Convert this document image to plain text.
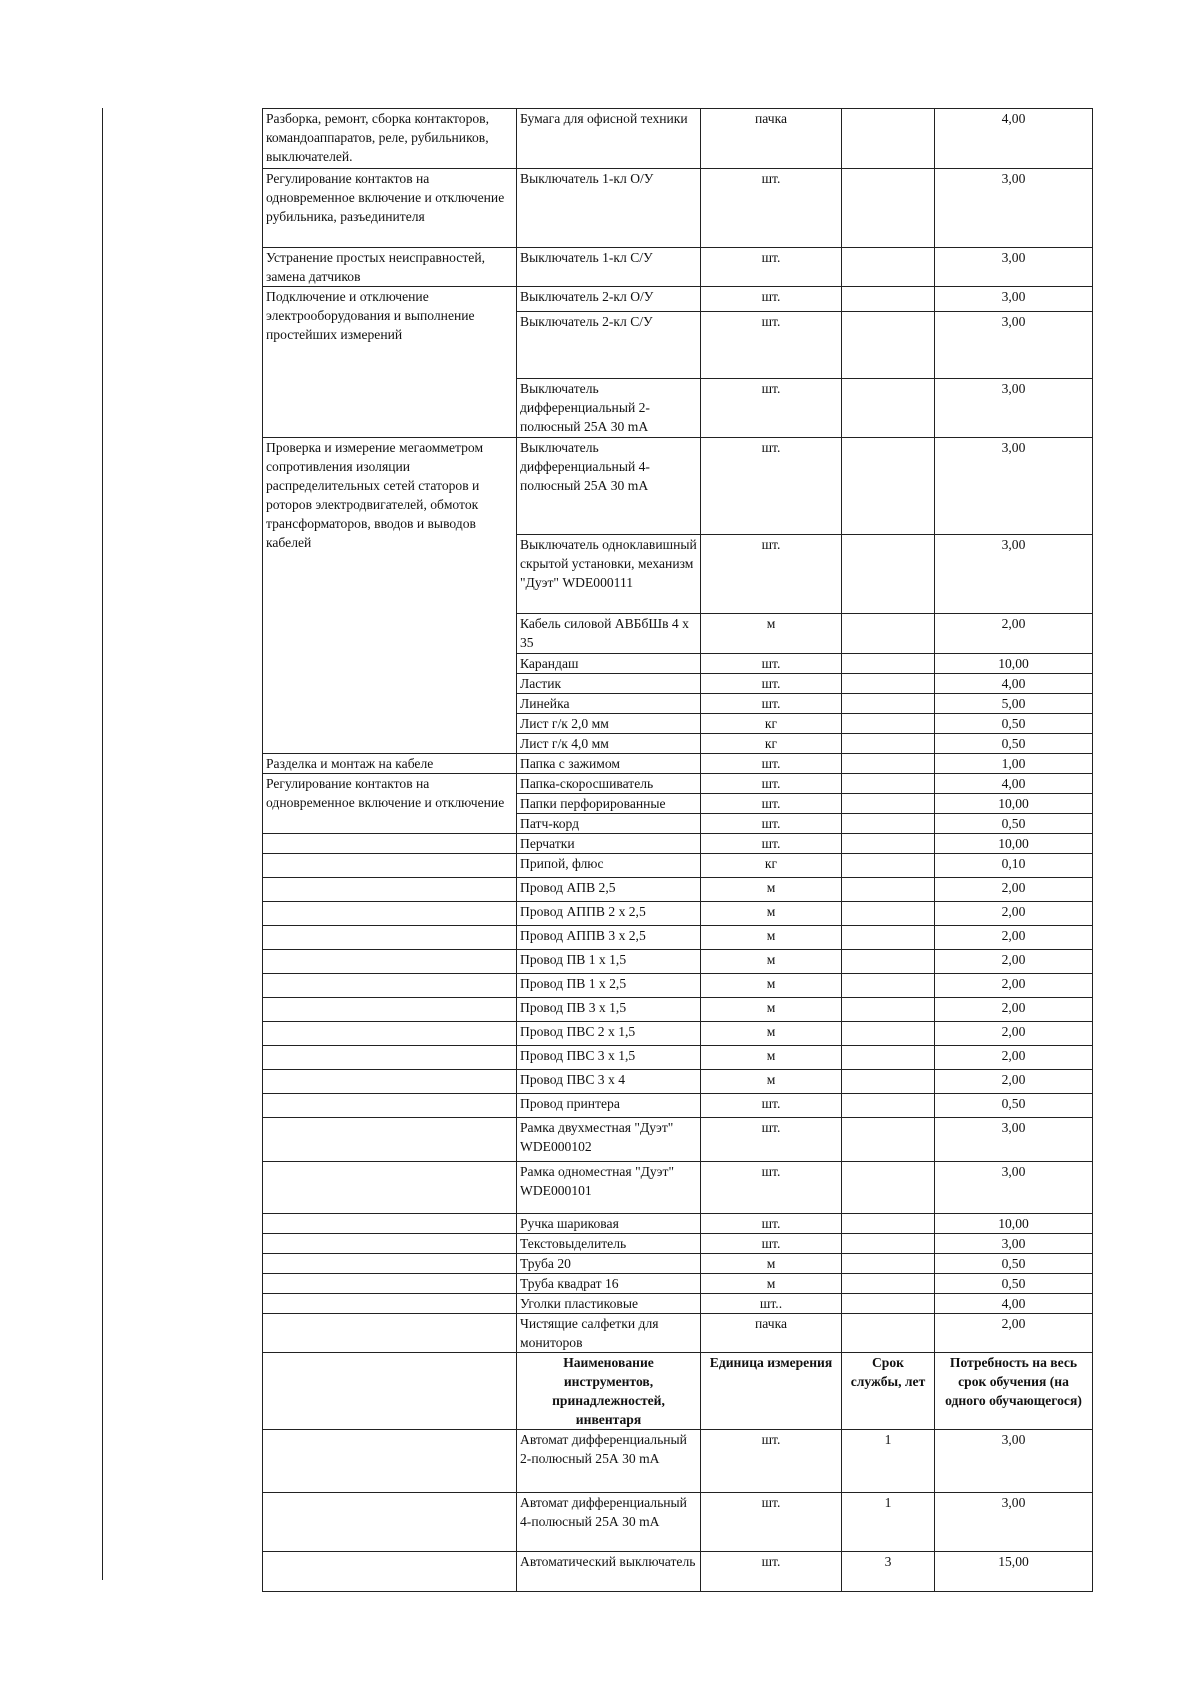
Разборка, ремонт, сборка контакторов, командоаппаратов, реле, рубильников, выключателей.	Бумага для офисной техники	пачка		4,00
Регулирование контактов на одновременное включение и отключение рубильника, разъединителя	Выключатель 1-кл О/У	шт.		3,00
Устранение простых неисправностей, замена датчиков	Выключатель 1-кл С/У	шт.		3,00
Подключение и отключение электрооборудования и выполнение простейших измерений	Выключатель 2-кл О/У	шт.		3,00
	Выключатель 2-кл С/У	шт.		3,00
	Выключатель дифференциальный 2-полюсный 25А 30 mA	шт.		3,00
Проверка и измерение мегаомметром сопротивления изоляции распределительных сетей статоров и роторов электродвигателей, обмоток трансформаторов, вводов и выводов кабелей	Выключатель дифференциальный 4-полюсный 25А 30 mA	шт.		3,00
	Выключатель одноклавишный скрытой установки, механизм "Дуэт" WDE000111	шт.		3,00
	Кабель силовой АВБбШв 4 х 35	м		2,00
	Карандаш	шт.		10,00
	Ластик	шт.		4,00
	Линейка	шт.		5,00
	Лист г/к 2,0 мм	кг		0,50
	Лист г/к 4,0 мм	кг		0,50
Разделка и монтаж на кабеле	Папка с зажимом	шт.		1,00
Регулирование контактов на одновременное включение и отключение	Папка-скоросшиватель	шт.		4,00
	Папки перфорированные	шт.		10,00
	Патч-корд	шт.		0,50
	Перчатки	шт.		10,00
	Припой, флюс	кг		0,10
	Провод АПВ 2,5	м		2,00
	Провод АППВ 2 х 2,5	м		2,00
	Провод АППВ 3 х 2,5	м		2,00
	Провод ПВ 1 х 1,5	м		2,00
	Провод ПВ 1 х 2,5	м		2,00
	Провод ПВ 3 х 1,5	м		2,00
	Провод ПВС 2 х 1,5	м		2,00
	Провод ПВС 3 х 1,5	м		2,00
	Провод ПВС 3 х 4	м		2,00
	Провод принтера	шт.		0,50
	Рамка двухместная "Дуэт" WDE000102	шт.		3,00
	Рамка одноместная "Дуэт" WDE000101	шт.		3,00
	Ручка шариковая	шт.		10,00
	Текстовыделитель	шт.		3,00
	Труба 20	м		0,50
	Труба квадрат 16	м		0,50
	Уголки пластиковые	шт..		4,00
	Чистящие салфетки для мониторов	пачка		2,00
	Наименование инструментов, принадлежностей, инвентаря	Единица измерения	Срок службы, лет	Потребность на весь срок обучения (на одного обучающегося)
	Автомат дифференциальный 2-полюсный 25А 30 mA	шт.	1	3,00
	Автомат дифференциальный 4-полюсный 25А 30 mA	шт.	1	3,00
	Автоматический выключатель	шт.	3	15,00
